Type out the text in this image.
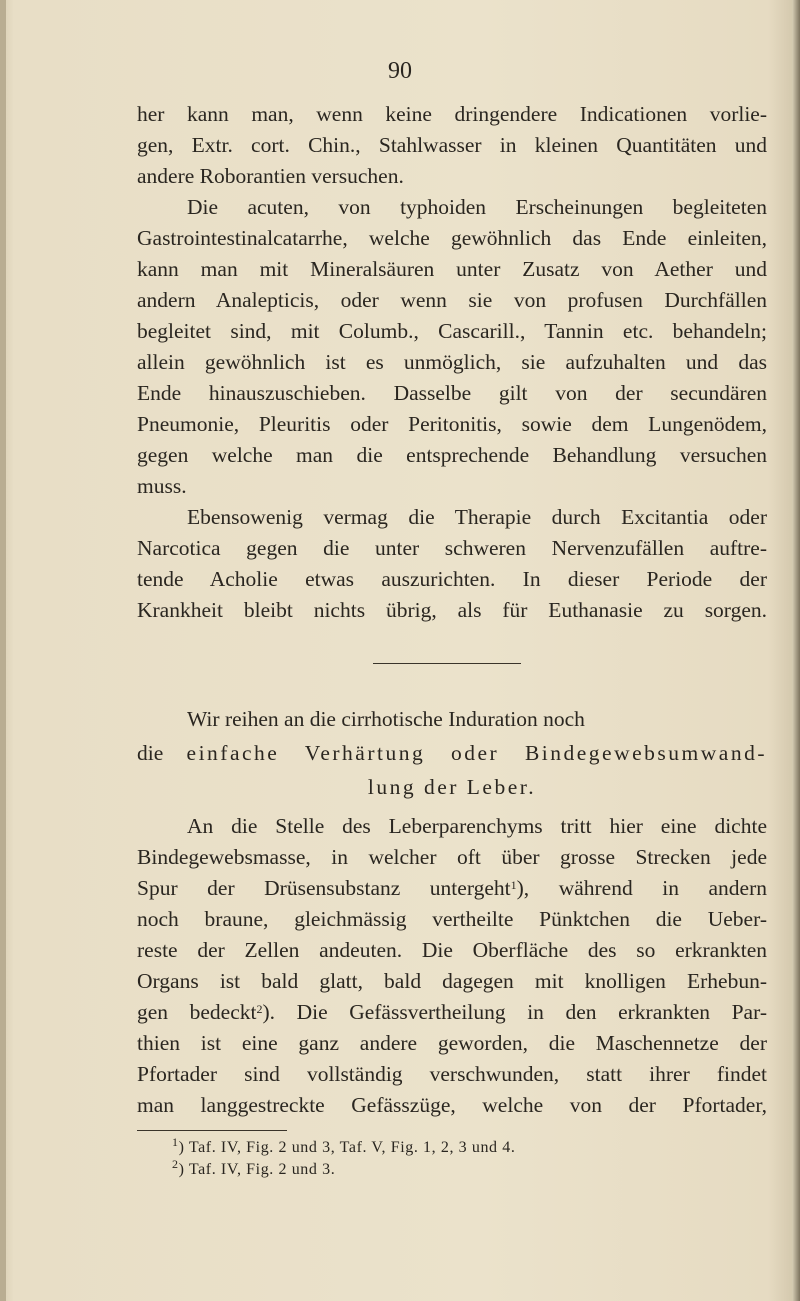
90
her kann man, wenn keine dringendere Indicationen vorlie-
gen, Extr. cort. Chin., Stahlwasser in kleinen Quantitäten und
andere Roborantien versuchen.
Die acuten, von typhoiden Erscheinungen begleiteten
Gastrointestinalcatarrhe, welche gewöhnlich das Ende einleiten,
kann man mit Mineralsäuren unter Zusatz von Aether und
andern Analepticis, oder wenn sie von profusen Durchfällen
begleitet sind, mit Columb., Cascarill., Tannin etc. behandeln;
allein gewöhnlich ist es unmöglich, sie aufzuhalten und das
Ende hinauszuschieben. Dasselbe gilt von der secundären
Pneumonie, Pleuritis oder Peritonitis, sowie dem Lungenödem,
gegen welche man die entsprechende Behandlung versuchen
muss.
Ebensowenig vermag die Therapie durch Excitantia oder
Narcotica gegen die unter schweren Nervenzufällen auftre-
tende Acholie etwas auszurichten. In dieser Periode der
Krankheit bleibt nichts übrig, als für Euthanasie zu sorgen.
Wir reihen an die cirrhotische Induration noch
die einfache Verhärtung oder Bindegewebsumwand-
lung der Leber.
An die Stelle des Leberparenchyms tritt hier eine dichte
Bindegewebsmasse, in welcher oft über grosse Strecken jede
Spur der Drüsensubstanz untergeht$^1$), während in andern
noch braune, gleichmässig vertheilte Pünktchen die Ueber-
reste der Zellen andeuten. Die Oberfläche des so erkrankten
Organs ist bald glatt, bald dagegen mit knolligen Erhebun-
gen bedeckt$^2$). Die Gefässvertheilung in den erkrankten Par-
thien ist eine ganz andere geworden, die Maschennetze der
Pfortader sind vollständig verschwunden, statt ihrer findet
man langgestreckte Gefässzüge, welche von der Pfortader,
$^1$) Taf. IV, Fig. 2 und 3, Taf. V, Fig. 1, 2, 3 und 4.
$^2$) Taf. IV, Fig. 2 und 3.
